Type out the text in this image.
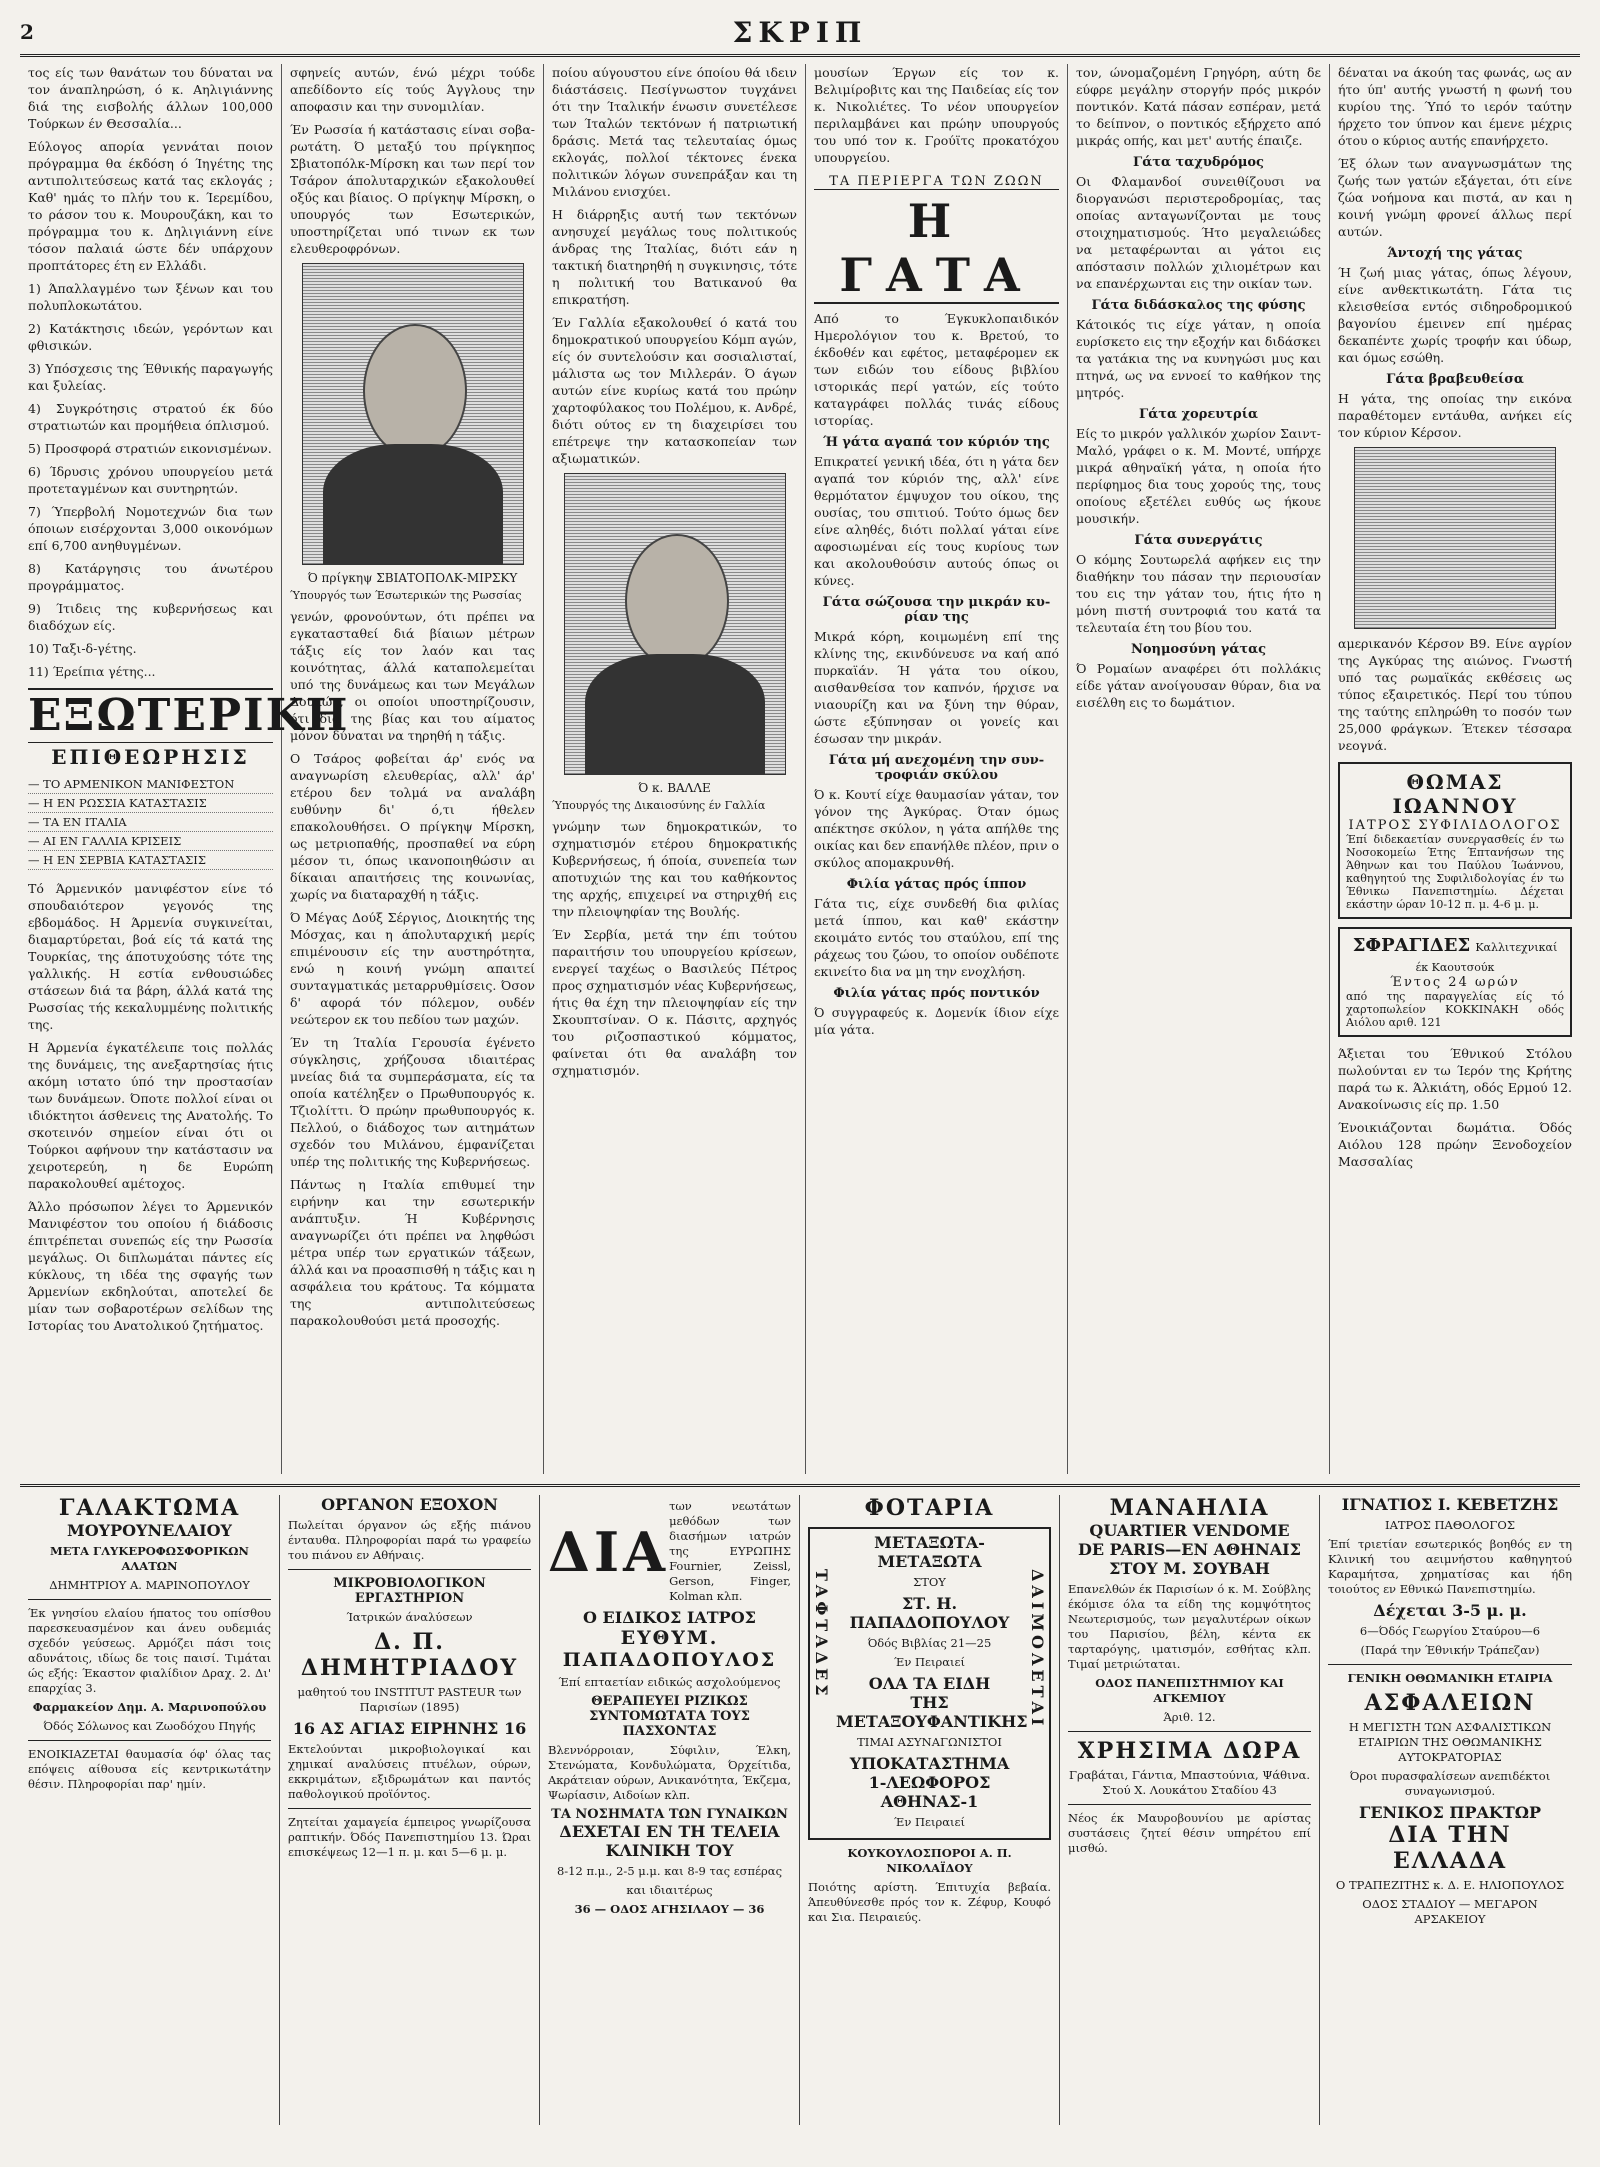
2	ΣΚΡΙΠ

τος είς των θανάτων του δύναται να τον άναπληρώση, ό κ. Αηλιγιάννης διά της εισβολής άλλων 100,000 Τούρκων έν Θεσσαλία...

Εύλογος απορία γεννάται ποιον πρόγραμμα θα έκδόση ό Ίηγέτης της αντιπολιτεύσεως κατά τας εκλογάς ; Καθ' ημάς το πλήν του κ. Ίερεμίδου, το ράσον του κ. Μουρουζάκη, και το πρόγραμμα του κ. Δηλιγιάννη είνε τόσον παλαιά ώστε δέν υπάρχουν προπτάτορες έτη εν Ελλάδι.

1) Άπαλλαγμένο των ξένων και του πολυπλοκωτάτου.

2) Κατάκτησις ιδεών, γερόντων και φθισικών.

3) Υπόσχεσις της Έθνικής παραγωγής και ξυλείας.

4) Συγκρότησις στρατού έκ δύο στρατιωτών και προμήθεια όπλισμού.

5) Προσφορά στρατιών εικονισμένων.

6) Ίδρυσις χρόνου υπουργείου μετά προτεταγμένων και συντηρητών.

7) Ύπερβολή Νομοτεχνών δια των όποιων εισέρχονται 3,000 οικονόμων επί 6,700 ανηθυγμένων.

8) Κατάργησις του άνωτέρου προγράμματος.

9) Ίτιδεις της κυβερνήσεως και διαδόχων είς.

10) Ταξι-δ-γέτης.

11) Έρείπια γέτης...

ΕΞΩΤΕΡΙΚΗ
ΕΠΙΘΕΩΡΗΣΙΣ
— ΤΟ ΑΡΜΕΝΙΚΟΝ ΜΑΝΙΦΕΣΤΟΝ
— Η ΕΝ ΡΩΣΣΙΑ ΚΑΤΑΣΤΑΣΙΣ
— ΤΑ ΕΝ ΙΤΑΛΙΑ
— ΑΙ ΕΝ ΓΑΛΛΙΑ ΚΡΙΣΕΙΣ
— Η ΕΝ ΣΕΡΒΙΑ ΚΑΤΑΣΤΑΣΙΣ

Τό Άρμενικόν μανιφέστον είνε τό σπουδαιότερον γεγονός της εβδομάδος. Η Άρμενία συγκινείται, διαμαρτύρεται, βοά είς τά κατά της Τουρκίας, της άποτυχούσης τότε της γαλλικής. Η εστία ενθουσιώδες στάσεων διά τα βάρη, άλλά κατά της Ρωσσίας τής κεκαλυμμένης πολιτικής της.

Η Άρμενία έγκατέλειπε τοις πολλάς της δυνάμεις, της ανεξαρτησίας ήτις ακόμη ιστατο ύπό την προστασίαν των δυνάμεων. Όποτε πολλοί είναι οι ιδιόκτητοι άσθενεις της Ανατολής. Το σκοτεινόν σημείον είναι ότι οι Τούρκοι αφήνουν την κατάστασιν να χειροτερεύη, η δε Ευρώπη παρακολουθεί αμέτοχος.

Άλλο πρόσωπον λέγει το Άρμενικόν Μανιφέστον του οποίου ή διάδοσις έπιτρέπεται συνεπώς είς την Ρωσσία μεγάλως. Οι διπλωμάται πάντες είς κύκλους, τη ιδέα της σφαγής των Άρμενίων εκδηλούται, αποτελεί δε μίαν των σοβαροτέρων σελίδων της Ιστορίας του Ανατολικού ζητήματος.

σφηνείς αυτών, ένώ μέχρι τούδε απεδίδοντο είς τούς Άγγλους την αποφασιν και την συνομιλίαν.

Έν Ρωσσία ή κατάστασις είναι σοβαρωτάτη. Ό μεταξύ του πρίγκηπος Σβιατοπόλκ-Μίρσκη και των περί τον Τσάρον άπολυταρχικών εξακολουθεί οξύς και βίαιος. Ο πρίγκηψ Μίρσκη, ο υπουργός των Εσωτερικών, υποστηρίζεται υπό τινων εκ των ελευθεροφρόνων.

Ό πρίγκηψ ΣΒΙΑΤΟΠΟΛΚ-ΜΙΡΣΚΥ
Ύπουργός των Έσωτερικών της Ρωσσίας

γενών, φρονούντων, ότι πρέπει να εγκατασταθεί διά βίαιων μέτρων τάξις είς τον λαόν και τας κοινότητας, άλλά καταπολεμείται υπό της δυνάμεως και των Μεγάλων Δουκών, οι οποίοι υποστηρίζουσιν, ότι διά της βίας και του αίματος μόνον δύναται να τηρηθή η τάξις.

Ο Τσάρος φοβείται άρ' ενός να αναγνωρίση ελευθερίας, αλλ' άρ' ετέρου δεν τολμά να αναλάβη ευθύνην δι' ό,τι ήθελεν επακολουθήσει. Ο πρίγκηψ Μίρσκη, ως μετριοπαθής, προσπαθεί να εύρη μέσον τι, όπως ικανοποιηθώσιν αι δίκαιαι απαιτήσεις της κοινωνίας, χωρίς να διαταραχθή η τάξις.

Ό Μέγας Δούξ Σέργιος, Διοικητής της Μόσχας, και η άπολυταρχική μερίς επιμένουσιν είς την αυστηρότητα, ενώ η κοινή γνώμη απαιτεί συνταγματικάς μεταρρυθμίσεις. Όσον δ' αφορά τόν πόλεμον, ουδέν νεώτερον εκ του πεδίου των μαχών.

Έν τη Ίταλία Γερουσία έγένετο σύγκλησις, χρήζουσα ιδιαιτέρας μνείας διά τα συμπεράσματα, είς τα οποία κατέληξεν ο Πρωθυπουργός κ. Τζιολίττι. Ό πρώην πρωθυπουργός κ. Πελλού, ο διάδοχος των αιτημάτων σχεδόν του Μιλάνου, έμφανίζεται υπέρ της πολιτικής της Κυβερνήσεως.

Πάντως η Ιταλία επιθυμεί την ειρήνην και την εσωτερικήν ανάπτυξιν. Ή Κυβέρνησις αναγνωρίζει ότι πρέπει να ληφθώσι μέτρα υπέρ των εργατικών τάξεων, άλλά και να προασπισθή η τάξις και η ασφάλεια του κράτους. Τα κόμματα της αντιπολιτεύσεως παρακολουθούσι μετά προσοχής.

ποίου αύγουστου είνε όποίου θά ιδειν διάστάσεις. Πεσίγνωστον τυγχάνει ότι την Ίταλικήν ένωσιν συνετέλεσε των Ίταλών τεκτόνων ή πατριωτική δράσις. Μετά τας τελευταίας όμως εκλογάς, πολλοί τέκτονες ένεκα πολιτικών λόγων συνεπράξαν και τη Μιλάνου ενισχύει.

Η διάρρηξις αυτή των τεκτόνων ανησυχεί μεγάλως τους πολιτικούς άνδρας της Ίταλίας, διότι εάν η τακτική διατηρηθή η συγκινησις, τότε η πολιτική του Βατικανού θα επικρατήση.

Έν Γαλλία εξακολουθεί ό κατά του δημοκρατικού υπουργείου Κόμπ αγών, είς όν συντελούσιν και σοσιαλισταί, μάλιστα ως τον Μιλλεράν. Ό άγων αυτών είνε κυρίως κατά του πρώην χαρτοφύλακος του Πολέμου, κ. Ανδρέ, διότι ούτος εν τη διαχειρίσει του επέτρεψε την κατασκοπείαν των αξιωματικών.

Ό κ. ΒΑΛΛΕ
Ύπουργός της Δικαιοσύνης έν Γαλλία

γνώμην των δημοκρατικών, το σχηματισμόν ετέρου δημοκρατικής Κυβερνήσεως, ή όποία, συνεπεία των αποτυχιών της και του καθήκοντος της αρχής, επιχειρεί να στηριχθή εις την πλειοψηφίαν της Βουλής.

Έν Σερβία, μετά την έπι τούτου παραιτήσιν του υπουργείου κρίσεων, ενεργεί ταχέως ο Βασιλεύς Πέτρος προς σχηματισμόν νέας Κυβερνήσεως, ήτις θα έχη την πλειοψηφίαν είς την Σκουπτσίναν. Ο κ. Πάσιτς, αρχηγός του ριζοσπαστικού κόμματος, φαίνεται ότι θα αναλάβη τον σχηματισμόν.

μουσίων Έργων είς τον κ. Βελιμίροβιτς και της Παιδείας είς τον κ. Νικολιέτες. Το νέον υπουργείον περιλαμβάνει και πρώην υπουργούς του υπό τον κ. Γρούϊτς προκατόχου υπουργείου.

ΤΑ ΠΕΡΙΕΡΓΑ ΤΩΝ ΖΩΩΝ
Η ΓΑΤΑ

Από το Έγκυκλοπαιδικόν Ημερολόγιον του κ. Βρετού, το έκδοθέν και εφέτος, μεταφέρομεν εκ των ειδών του είδους βιβλίου ιστορικάς περί γατών, είς τούτο καταγράφει πολλάς τινάς είδους ιστορίας.

Ή γάτα αγαπά τον κύριόν της

Επικρατεί γενική ιδέα, ότι η γάτα δεν αγαπά τον κύριόν της, αλλ' είνε θερμότατον έμψυχον του οίκου, της ουσίας, του σπιτιού. Τούτο όμως δεν είνε αληθές, διότι πολλαί γάται είνε αφοσιωμέναι είς τους κυρίους των και ακολουθούσιν αυτούς όπως οι κύνες.

Γάτα σώζουσα την μικράν κυρίαν της

Μικρά κόρη, κοιμωμένη επί της κλίνης της, εκινδύνευσε να καή από πυρκαϊάν. Ή γάτα του οίκου, αισθανθείσα τον καπνόν, ήρχισε να νιαουρίζη και να ξύνη την θύραν, ώστε εξύπνησαν οι γονείς και έσωσαν την μικράν.

Γάτα μή ανεχομένη την συντροφιάν σκύλου

Ό κ. Κουτί είχε θαυμασίαν γάταν, τον γόνον της Άγκύρας. Όταν όμως απέκτησε σκύλον, η γάτα απήλθε της οικίας και δεν επανήλθε πλέον, πριν ο σκύλος απομακρυνθή.

Φιλία γάτας πρός ίππον

Γάτα τις, είχε συνδεθή δια φιλίας μετά ίππου, και καθ' εκάστην εκοιμάτο εντός του σταύλου, επί της ράχεως του ζώου, το οποίον ουδέποτε εκινείτο δια να μη την ενοχλήση.

Φιλία γάτας πρός ποντικόν

Ό συγγραφεύς κ. Δομενίκ ίδιον είχε μία γάτα.

τον, ώνομαζομένη Γρηγόρη, αύτη δε εύφρε μεγάλην στοργήν πρός μικρόν ποντικόν. Κατά πάσαν εσπέραν, μετά το δείπνον, ο ποντικός εξήρχετο από μικράς οπής, και μετ' αυτής έπαιζε.

Γάτα ταχυδρόμος

Οι Φλαμανδοί συνειθίζουσι να διοργανώσι περιστεροδρομίας, τας οποίας ανταγωνίζονται με τους στοιχηματισμούς. Ήτο μεγαλειώδες να μεταφέρωνται αι γάτοι εις απόστασιν πολλών χιλιομέτρων και να επανέρχωνται εις την οικίαν των.

Γάτα διδάσκαλος της φύσης

Κάτοικός τις είχε γάταν, η οποία ευρίσκετο εις την εξοχήν και διδάσκει τα γατάκια της να κυνηγώσι μυς και πτηνά, ως να εννοεί το καθήκον της μητρός.

Γάτα χορευτρία

Είς το μικρόν γαλλικόν χωρίον Σαιντ-Μαλό, γράφει ο κ. Μ. Μοντέ, υπήρχε μικρά αθηναϊκή γάτα, η οποία ήτο περίφημος δια τους χορούς της, τους οποίους εξετέλει ευθύς ως ήκουε μουσικήν.

Γάτα συνεργάτις

Ο κόμης Σουτωρελά αφήκεν εις την διαθήκην του πάσαν την περιουσίαν του εις την γάταν του, ήτις ήτο η μόνη πιστή συντροφιά του κατά τα τελευταία έτη του βίου του.

Νοημοσύνη γάτας

Ό Ρομαίων αναφέρει ότι πολλάκις είδε γάταν ανοίγουσαν θύραν, δια να εισέλθη εις το δωμάτιον.

δέναται να άκούη τας φωνάς, ως αν ήτο ύπ' αυτής γνωστή η φωνή του κυρίου της. Ύπό το ιερόν ταύτην ήρχετο τον ύπνον και έμενε μέχρις ότου ο κύριος αυτής επανήρχετο.

Έξ όλων των αναγνωσμάτων της ζωής των γατών εξάγεται, ότι είνε ζώα νοήμονα και πιστά, αν και η κοινή γνώμη φρονεί άλλως περί αυτών.

Άντοχή της γάτας

Ή ζωή μιας γάτας, όπως λέγουν, είνε ανθεκτικωτάτη. Γάτα τις κλεισθείσα εντός σιδηροδρομικού βαγονίου έμεινεν επί ημέρας δεκαπέντε χωρίς τροφήν και ύδωρ, και όμως εσώθη.

Γάτα βραβευθείσα

Η γάτα, της οποίας την εικόνα παραθέτομεν εντάυθα, ανήκει είς τον κύριον Κέρσον.

αμερικανόν Κέρσον Β9. Είνε αγρίον της Αγκύρας της αιώνος. Γνωστή υπό τας ρωμαϊκάς εκθέσεις ως τύπος εξαιρετικός. Περί του τύπου της ταύτης επληρώθη το ποσόν των 25,000 φράγκων. Έτεκεν τέσσαρα νεογνά.

ΘΩΜΑΣ ΙΩΑΝΝΟΥ
ΙΑΤΡΟΣ ΣΥΦΙΛΙΔΟΛΟΓΟΣ
Έπί διδεκαετίαν συνεργασθείς έν τω Νοσοκομείω Έτης Έπτανήσων της Άθηνων και του Παύλου Ίωάννου, καθηγητού της Συφιλιδολογίας έν τω Έθνικω Πανεπιστημίω. Δέχεται εκάστην ώραν 10-12 π. μ. 4-6 μ. μ.
ΣΦΡΑΓΙΔΕΣ Καλλιτεχνικαί έκ Καουτσούκ
Έντος 24 ωρών
από της παραγγελίας είς τό χαρτοπωλείον ΚΟΚΚΙΝΑΚΗ οδός Αιόλου αριθ. 121

Άξιεται του Έθνικού Στόλου πωλούνται εν τω Ίερόν της Κρήτης παρά τω κ. Άλκιάτη, οδός Ερμού 12. Ανακοίνωσις είς πρ. 1.50

Ένοικιάζονται δωμάτια. Όδός Αιόλου 128 πρώην Ξενοδοχείον Μασσαλίας

ΓΑΛΑΚΤΩΜΑ
ΜΟΥΡΟΥΝΕΛΑΙΟΥ
ΜΕΤΑ ΓΛΥΚΕΡΟΦΩΣΦΟΡΙΚΩΝ ΑΛΑΤΩΝ
ΔΗΜΗΤΡΙΟΥ Α. ΜΑΡΙΝΟΠΟΥΛΟΥ
Έκ γνησίου ελαίου ήπατος του οπίσθου παρεσκευασμένον και άνευ ουδεμιάς σχεδόν γεύσεως. Αρμόζει πάσι τοις αδυνάτοις, ιδίως δε τοις παισί. Τιμάται ώς εξής: Έκαστον φιαλίδιον Δραχ. 2. Δι' επαρχίας 3.
Φαρμακείον Δημ. Α. Μαρινοπούλου
Όδός Σόλωνος και Ζωοδόχου Πηγής
ΕΝΟΙΚΙΑΖΕΤΑΙ θαυμασία όφ' όλας τας επόψεις αίθουσα είς κεντρικωτάτην θέσιν. Πληροφορίαι παρ' ημίν.
ΟΡΓΑΝΟΝ ΕΞΟΧΟΝ
Πωλείται όργανον ώς εξής πιάνου ένταυθα. Πληροφορίαι παρά τω γραφείω του πιάνου εν Αθήναις.
ΜΙΚΡΟΒΙΟΛΟΓΙΚΟΝ ΕΡΓΑΣΤΗΡΙΟΝ
Ίατρικών άναλύσεων
Δ. Π. ΔΗΜΗΤΡΙΑΔΟΥ
μαθητού του INSTITUT PASTEUR των Παρισίων (1895)
16 ΑΣ ΑΓΙΑΣ ΕΙΡΗΝΗΣ 16
Εκτελούνται μικροβιολογικαί και χημικαί αναλύσεις πτυέλων, ούρων, εκκριμάτων, εξιδρωμάτων και παντός παθολογικού προϊόντος.
Ζητείται χαμαγεία έμπειρος γνωρίζουσα ραπτικήν. Όδός Πανεπιστημίου 13. Ώραι επισκέψεως 12—1 π. μ. και 5—6 μ. μ.
ΔΙΑ
των νεωτάτων μεθόδων των διασήμων ιατρών της ΕΥΡΩΠΗΣ Fournier, Zeissl, Gerson, Finger, Kolman κλπ.
Ο ΕΙΔΙΚΟΣ ΙΑΤΡΟΣ
ΕΥΘΥΜ. ΠΑΠΑΔΟΠΟΥΛΟΣ
Έπί επταετίαν ειδικώς ασχολούμενος
ΘΕΡΑΠΕΥΕΙ ΡΙΖΙΚΩΣ ΣΥΝΤΟΜΩΤΑΤΑ ΤΟΥΣ ΠΑΣΧΟΝΤΑΣ
Βλεννόρροιαν, Σύφιλιν, Έλκη, Στενώματα, Κονδυλώματα, Όρχείτιδα, Ακράτειαν ούρων, Ανικανότητα, Έκζεμα, Ψωρίασιν, Αιδοίων κλπ.
ΤΑ ΝΟΣΗΜΑΤΑ ΤΩΝ ΓΥΝΑΙΚΩΝ
ΔΕΧΕΤΑΙ ΕΝ ΤΗ ΤΕΛΕΙΑ ΚΛΙΝΙΚΗ ΤΟΥ
8-12 π.μ., 2-5 μ.μ. και 8-9 τας εσπέρας
και ιδιαιτέρως
36 — ΟΔΟΣ ΑΓΗΣΙΛΑΟΥ — 36
ΦΟΤΑΡΙΑ
ΤΑΦΤΑΔΕΣ	ΔΑΙΜΟΛΕΤΑΙ
ΜΕΤΑΞΩΤΑ-ΜΕΤΑΞΩΤΑ
ΣΤΟΥ
ΣΤ. Η. ΠΑΠΑΔΟΠΟΥΛΟΥ
Όδός Βιβλίας 21—25
Έν Πειραιεί
ΟΛΑ ΤΑ ΕΙΔΗ
ΤΗΣ ΜΕΤΑΞΟΥΦΑΝΤΙΚΗΣ
ΤΙΜΑΙ ΑΣΥΝΑΓΩΝΙΣΤΟΙ
ΥΠΟΚΑΤΑΣΤΗΜΑ
1-ΛΕΩΦΟΡΟΣ ΑΘΗΝΑΣ-1
Έν Πειραιεί
ΚΟΥΚΟΥΛΟΣΠΟΡΟΙ Α. Π. ΝΙΚΟΛΑΪΔΟΥ
Ποιότης αρίστη. Έπιτυχία βεβαία. Άπευθύνεσθε πρός τον κ. Ζέφυρ, Κουφό και Σια. Πειραιεύς.
ΜΑΝΑΗΛΙΑ
QUARTIER VENDOME
DE PARIS—ΕΝ ΑΘΗΝΑΙΣ
ΣΤΟΥ Μ. ΣΟΥΒΑΗ
Επανελθών έκ Παρισίων ό κ. Μ. Σούβλης έκόμισε όλα τα είδη της κομψότητος Νεωτερισμούς, των μεγαλυτέρων οίκων του Παρισίου, βέλη, κέντα εκ ταρταρόγης, ιματισμόν, εσθήτας κλπ. Τιμαί μετριώταται.
ΟΔΟΣ ΠΑΝΕΠΙΣΤΗΜΙΟΥ ΚΑΙ ΑΓΚΕΜΙΟΥ
Άριθ. 12.
ΧΡΗΣΙΜΑ ΔΩΡΑ
Γραβάται, Γάντια, Μπαστούνια, Ψάθινα. Στού Χ. Λουκάτου Σταδίου 43
Νέος έκ Μαυροβουνίου με αρίστας συστάσεις ζητεί θέσιν υπηρέτου επί μισθώ.
ΙΓΝΑΤΙΟΣ Ι. ΚΕΒΕΤΖΗΣ
ΙΑΤΡΟΣ ΠΑΘΟΛΟΓΟΣ
Έπί τριετίαν εσωτερικός βοηθός εν τη Κλινική του αειμνήστου καθηγητού Καραμήτσα, χρηματίσας και ήδη τοιούτος εν Εθνικώ Πανεπιστημίω.
Δέχεται 3-5 μ. μ.
6—Όδός Γεωργίου Σταύρου—6
(Παρά την Έθνικήν Τράπεζαν)
ΓΕΝΙΚΗ ΟΘΩΜΑΝΙΚΗ ΕΤΑΙΡΙΑ
ΑΣΦΑΛΕΙΩΝ
Η ΜΕΓΙΣΤΗ ΤΩΝ ΑΣΦΑΛΙΣΤΙΚΩΝ ΕΤΑΙΡΙΩΝ ΤΗΣ ΟΘΩΜΑΝΙΚΗΣ ΑΥΤΟΚΡΑΤΟΡΙΑΣ
Όροι πυρασφαλίσεων ανεπιδέκτοι συναγωνισμού.
ΓΕΝΙΚΟΣ ΠΡΑΚΤΩΡ
ΔΙΑ ΤΗΝ ΕΛΛΑΔΑ
Ο ΤΡΑΠΕΖΙΤΗΣ κ. Δ. Ε. ΗΛΙΟΠΟΥΛΟΣ
ΟΔΟΣ ΣΤΑΔΙΟΥ — ΜΕΓΑΡΟΝ ΑΡΣΑΚΕΙΟΥ
